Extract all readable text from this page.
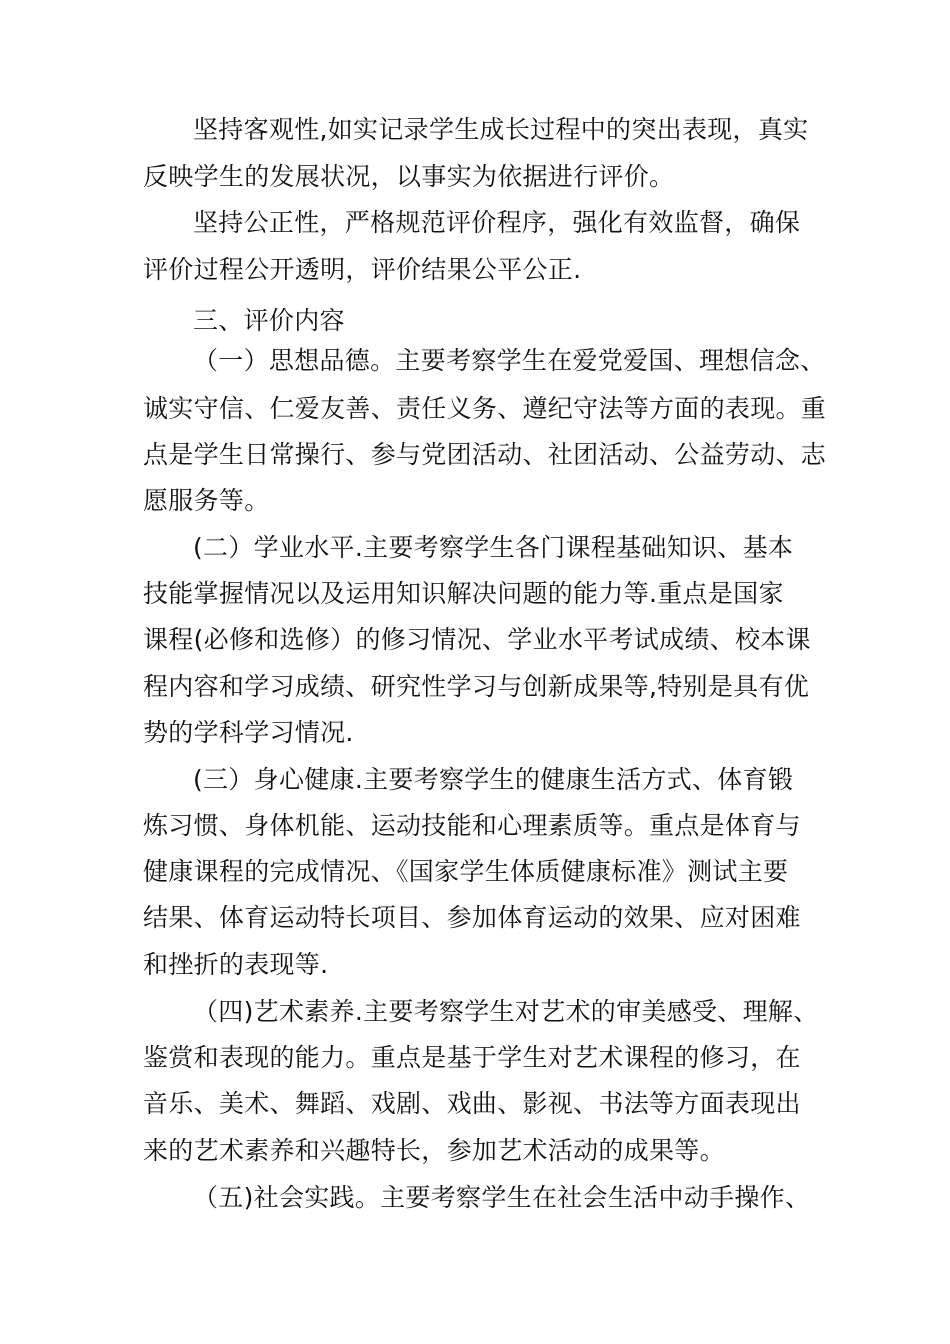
坚持客观性,如实记录学生成长过程中的突出表现，真实
反映学生的发展状况，以事实为依据进行评价。
坚持公正性，严格规范评价程序，强化有效监督，确保
评价过程公开透明，评价结果公平公正.
三、评价内容
（一）思想品德。主要考察学生在爱党爱国、理想信念、
诚实守信、仁爱友善、责任义务、遵纪守法等方面的表现。重
点是学生日常操行、参与党团活动、社团活动、公益劳动、志
愿服务等。
(二）学业水平.主要考察学生各门课程基础知识、基本
技能掌握情况以及运用知识解决问题的能力等.重点是国家
课程(必修和选修）的修习情况、学业水平考试成绩、校本课
程内容和学习成绩、研究性学习与创新成果等,特别是具有优
势的学科学习情况.
(三）身心健康.主要考察学生的健康生活方式、体育锻
炼习惯、身体机能、运动技能和心理素质等。重点是体育与
健康课程的完成情况、《国家学生体质健康标准》测试主要
结果、体育运动特长项目、参加体育运动的效果、应对困难
和挫折的表现等.
（四)艺术素养.主要考察学生对艺术的审美感受、理解、
鉴赏和表现的能力。重点是基于学生对艺术课程的修习，在
音乐、美术、舞蹈、戏剧、戏曲、影视、书法等方面表现出
来的艺术素养和兴趣特长，参加艺术活动的成果等。
（五)社会实践。主要考察学生在社会生活中动手操作、
